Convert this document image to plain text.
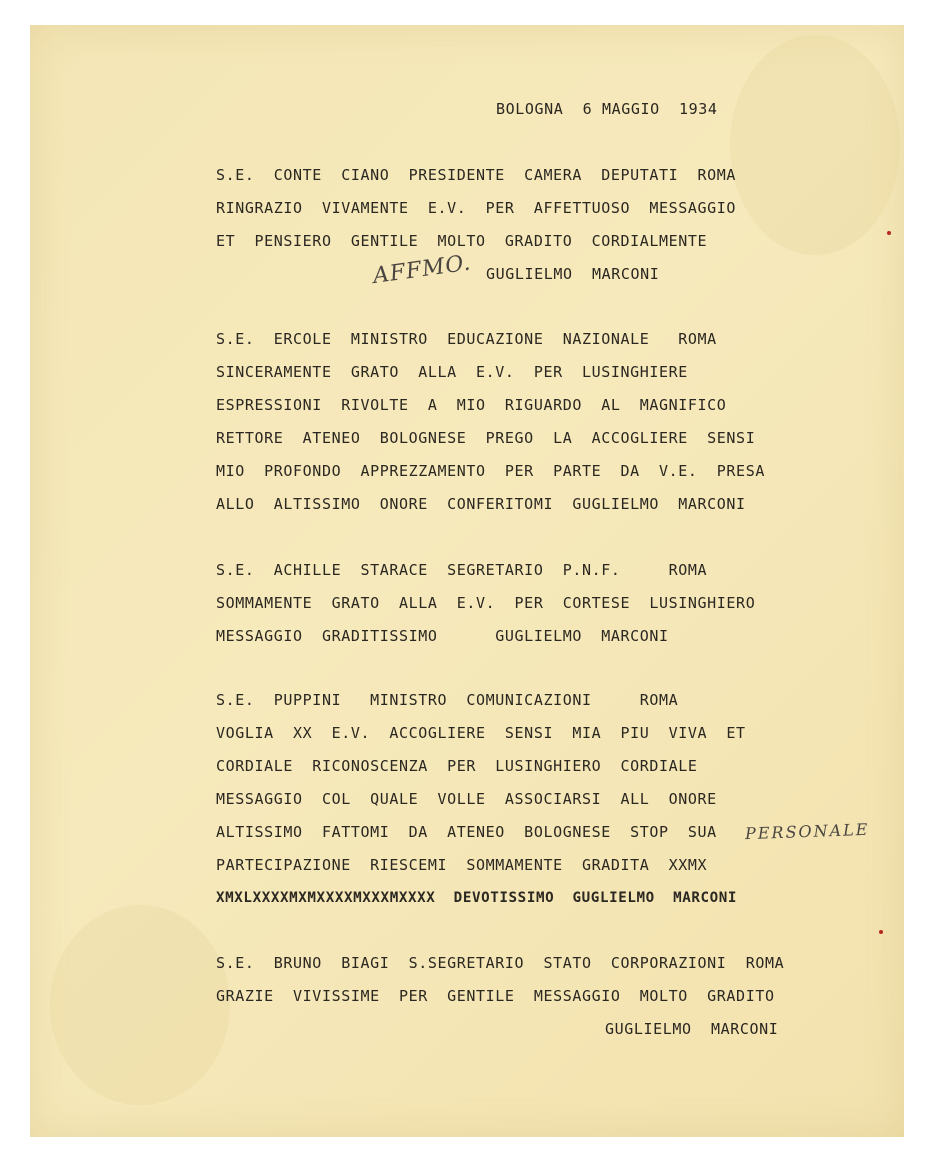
BOLOGNA  6 MAGGIO  1934
S.E.  CONTE  CIANO  PRESIDENTE  CAMERA  DEPUTATI  ROMA
RINGRAZIO  VIVAMENTE  E.V.  PER  AFFETTUOSO  MESSAGGIO
ET  PENSIERO  GENTILE  MOLTO  GRADITO  CORDIALMENTE
AFFMO. GUGLIELMO  MARCONI
S.E.  ERCOLE  MINISTRO  EDUCAZIONE  NAZIONALE   ROMA
SINCERAMENTE  GRATO  ALLA  E.V.  PER  LUSINGHIERE
ESPRESSIONI  RIVOLTE  A  MIO  RIGUARDO  AL  MAGNIFICO
RETTORE  ATENEO  BOLOGNESE  PREGO  LA  ACCOGLIERE  SENSI
MIO  PROFONDO  APPREZZAMENTO  PER  PARTE  DA  V.E.  PRESA
ALLO  ALTISSIMO  ONORE  CONFERITOMI  GUGLIELMO  MARCONI
S.E.  ACHILLE  STARACE  SEGRETARIO  P.N.F.     ROMA
SOMMAMENTE  GRATO  ALLA  E.V.  PER  CORTESE  LUSINGHIERO
MESSAGGIO  GRADITISSIMO      GUGLIELMO  MARCONI
S.E.  PUPPINI   MINISTRO  COMUNICAZIONI     ROMA
VOGLIA  XX  E.V.  ACCOGLIERE  SENSI  MIA  PIU  VIVA  ET
CORDIALE  RICONOSCENZA  PER  LUSINGHIERO  CORDIALE
MESSAGGIO  COL  QUALE  VOLLE  ASSOCIARSI  ALL  ONORE
ALTISSIMO  FATTOMI  DA  ATENEO  BOLOGNESE  STOP  SUA PERSONALE
PARTECIPAZIONE  RIESCEMI  SOMMAMENTE  GRADITA  XXMX
XMXLXXXXMXMXXXXMXXXMXXXX  DEVOTISSIMO  GUGLIELMO  MARCONI
S.E.  BRUNO  BIAGI  S.SEGRETARIO  STATO  CORPORAZIONI  ROMA
GRAZIE  VIVISSIME  PER  GENTILE  MESSAGGIO  MOLTO  GRADITO
GUGLIELMO  MARCONI
